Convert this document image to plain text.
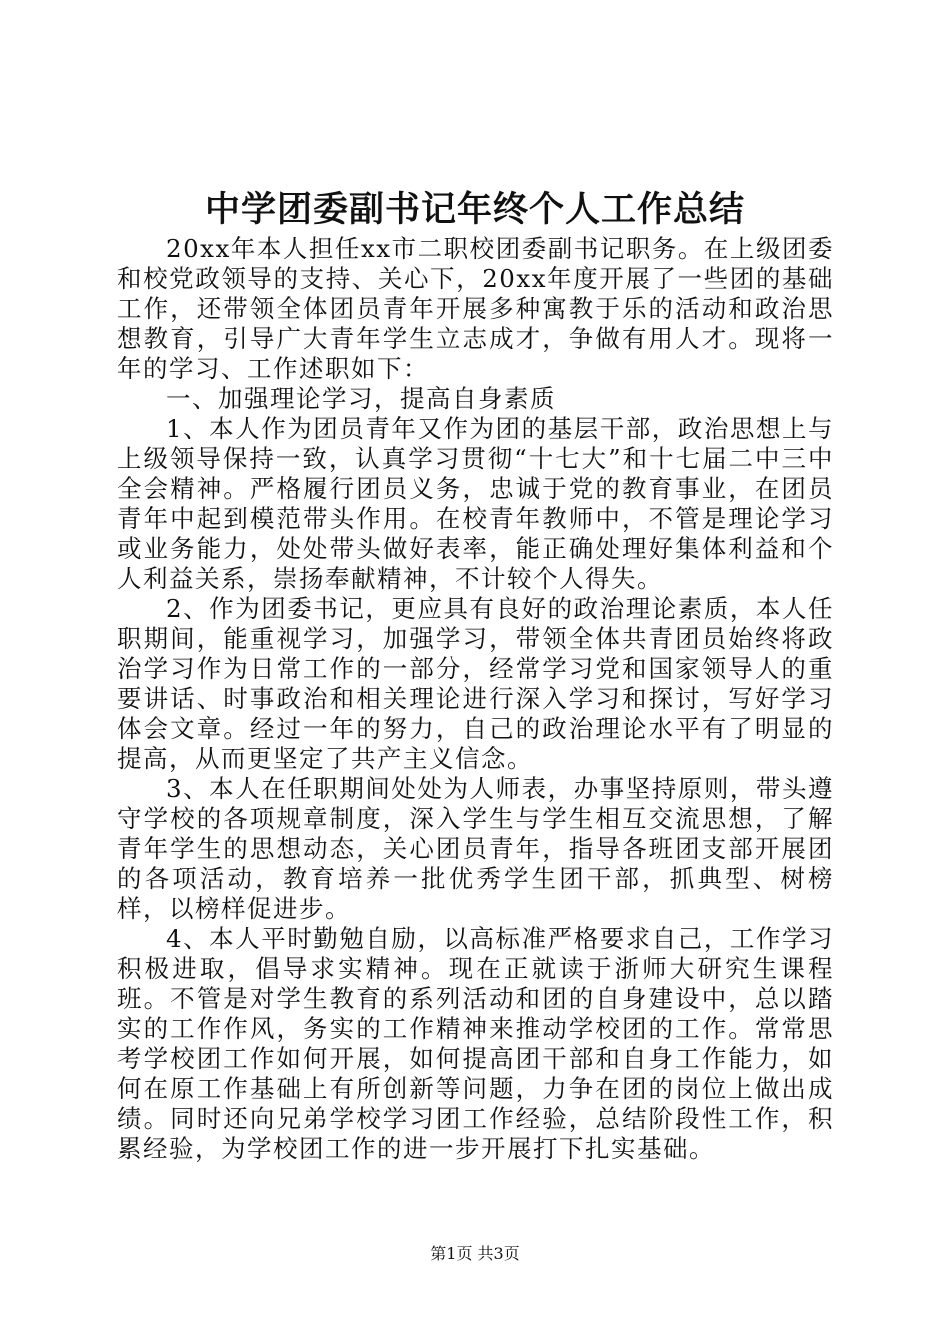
中学团委副书记年终个人工作总结

20xx年本人担任xx市二职校团委副书记职务。在上级团委和校党政领导的支持、关心下，20xx年度开展了一些团的基础工作，还带领全体团员青年开展多种寓教于乐的活动和政治思想教育，引导广大青年学生立志成才，争做有用人才。现将一年的学习、工作述职如下：

一、加强理论学习，提高自身素质

1、本人作为团员青年又作为团的基层干部，政治思想上与上级领导保持一致，认真学习贯彻“十七大”和十七届二中三中全会精神。严格履行团员义务，忠诚于党的教育事业，在团员青年中起到模范带头作用。在校青年教师中，不管是理论学习或业务能力，处处带头做好表率，能正确处理好集体利益和个人利益关系，崇扬奉献精神，不计较个人得失。

2、作为团委书记，更应具有良好的政治理论素质，本人任职期间，能重视学习，加强学习，带领全体共青团员始终将政治学习作为日常工作的一部分，经常学习党和国家领导人的重要讲话、时事政治和相关理论进行深入学习和探讨，写好学习体会文章。经过一年的努力，自己的政治理论水平有了明显的提高，从而更坚定了共产主义信念。

3、本人在任职期间处处为人师表，办事坚持原则，带头遵守学校的各项规章制度，深入学生与学生相互交流思想，了解青年学生的思想动态，关心团员青年，指导各班团支部开展团的各项活动，教育培养一批优秀学生团干部，抓典型、树榜样，以榜样促进步。

4、本人平时勤勉自励，以高标准严格要求自己，工作学习积极进取，倡导求实精神。现在正就读于浙师大研究生课程班。不管是对学生教育的系列活动和团的自身建设中，总以踏实的工作作风，务实的工作精神来推动学校团的工作。常常思考学校团工作如何开展，如何提高团干部和自身工作能力，如何在原工作基础上有所创新等问题，力争在团的岗位上做出成绩。同时还向兄弟学校学习团工作经验，总结阶段性工作，积累经验，为学校团工作的进一步开展打下扎实基础。

第1页 共3页
